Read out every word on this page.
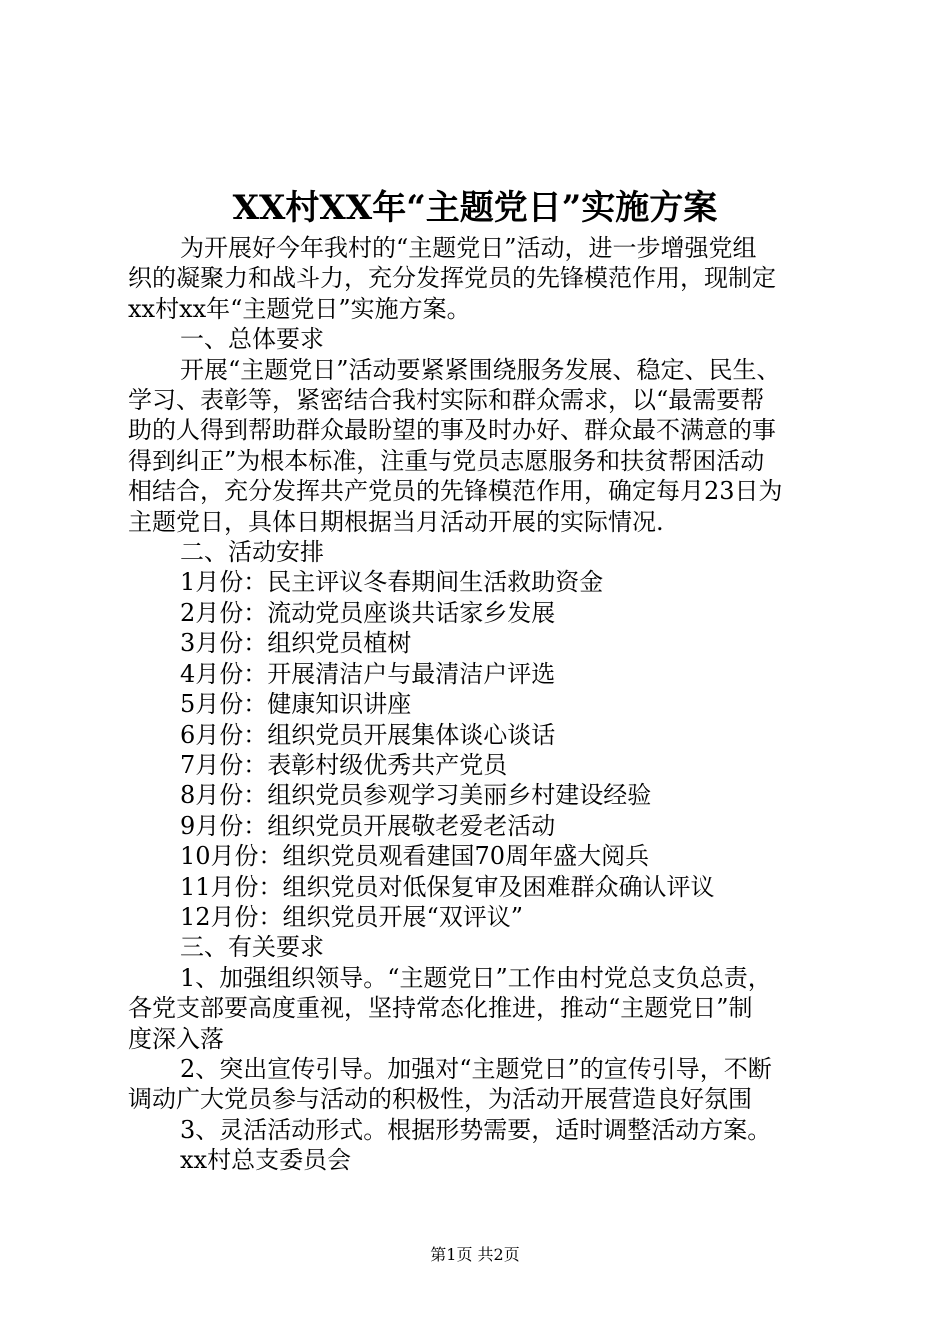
XX村XX年“主题党日”实施方案

为开展好今年我村的“主题党日”活动，进一步增强党组

织的凝聚力和战斗力，充分发挥党员的先锋模范作用，现制定

xx村xx年“主题党日”实施方案。

一、总体要求

开展“主题党日”活动要紧紧围绕服务发展、稳定、民生、

学习、表彰等，紧密结合我村实际和群众需求，以“最需要帮

助的人得到帮助群众最盼望的事及时办好、群众最不满意的事

得到纠正”为根本标准，注重与党员志愿服务和扶贫帮困活动

相结合，充分发挥共产党员的先锋模范作用，确定每月23日为

主题党日，具体日期根据当月活动开展的实际情况.

二、活动安排

1月份：民主评议冬春期间生活救助资金

2月份：流动党员座谈共话家乡发展

3月份：组织党员植树

4月份：开展清洁户与最清洁户评选

5月份：健康知识讲座

6月份：组织党员开展集体谈心谈话

7月份：表彰村级优秀共产党员

8月份：组织党员参观学习美丽乡村建设经验

9月份：组织党员开展敬老爱老活动

10月份：组织党员观看建国70周年盛大阅兵

11月份：组织党员对低保复审及困难群众确认评议

12月份：组织党员开展“双评议”

三、有关要求

1、加强组织领导。“主题党日”工作由村党总支负总责，

各党支部要高度重视，坚持常态化推进，推动“主题党日”制

度深入落

2、突出宣传引导。加强对“主题党日”的宣传引导，不断

调动广大党员参与活动的积极性，为活动开展营造良好氛围

3、灵活活动形式。根据形势需要，适时调整活动方案。

xx村总支委员会

第1页 共2页
